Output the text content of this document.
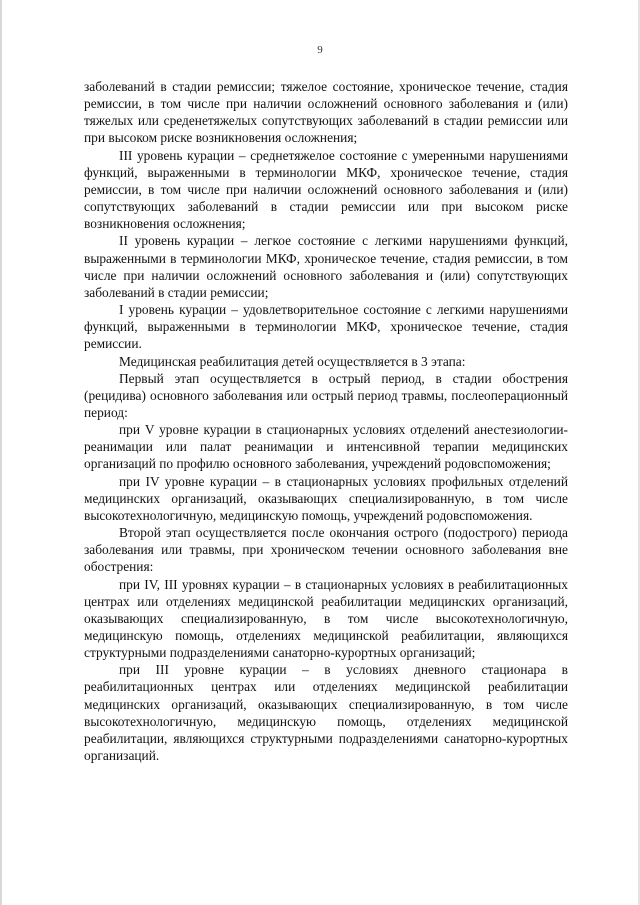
9

заболеваний в стадии ремиссии; тяжелое состояние, хроническое течение, стадия ремиссии, в том числе при наличии осложнений основного заболевания и (или) тяжелых или среденетяжелых сопутствующих заболеваний в стадии ремиссии или при высоком риске возникновения осложнения;

III уровень курации – среднетяжелое состояние с умеренными нарушениями функций, выраженными в терминологии МКФ, хроническое течение, стадия ремиссии, в том числе при наличии осложнений основного заболевания и (или) сопутствующих заболеваний в стадии ремиссии или при высоком риске возникновения осложнения;

II уровень курации – легкое состояние с легкими нарушениями функций, выраженными в терминологии МКФ, хроническое течение, стадия ремиссии, в том числе при наличии осложнений основного заболевания и (или) сопутствующих заболеваний в стадии ремиссии;

I уровень курации – удовлетворительное состояние с легкими нарушениями функций, выраженными в терминологии МКФ, хроническое течение, стадия ремиссии.

Медицинская реабилитация детей осуществляется в 3 этапа:

Первый этап осуществляется в острый период, в стадии обострения (рецидива) основного заболевания или острый период травмы, послеоперационный период:

при V уровне курации в стационарных условиях отделений анестезиологии-реанимации или палат реанимации и интенсивной терапии медицинских организаций по профилю основного заболевания, учреждений родовспоможения;

при IV уровне курации – в стационарных условиях профильных отделений медицинских организаций, оказывающих специализированную, в том числе высокотехнологичную, медицинскую помощь, учреждений родовспоможения.

Второй этап осуществляется после окончания острого (подострого) периода заболевания или травмы, при хроническом течении основного заболевания вне обострения:

при IV, III уровнях курации – в стационарных условиях в реабилитационных центрах или отделениях медицинской реабилитации медицинских организаций, оказывающих специализированную, в том числе высокотехнологичную, медицинскую помощь, отделениях медицинской реабилитации, являющихся структурными подразделениями санаторно-курортных организаций;

при III уровне курации – в условиях дневного стационара в реабилитационных центрах или отделениях медицинской реабилитации медицинских организаций, оказывающих специализированную, в том числе высокотехнологичную, медицинскую помощь, отделениях медицинской реабилитации, являющихся структурными подразделениями санаторно-курортных организаций.
